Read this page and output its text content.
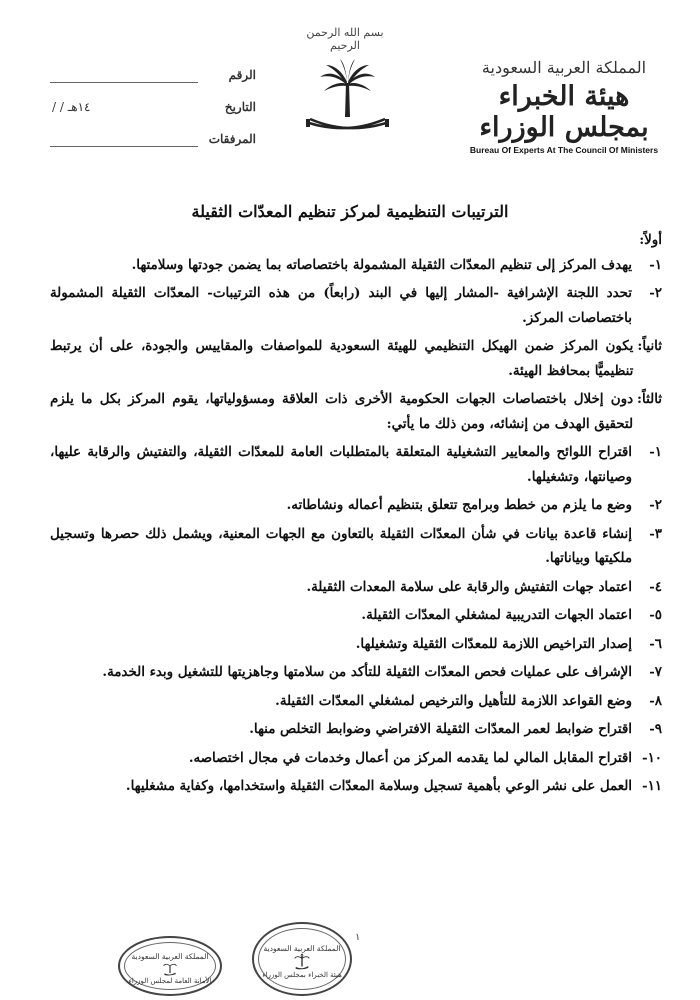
بسم الله الرحمن الرحيم
المملكة العربية السعودية
هيئة الخبراء بمجلس الوزراء
Bureau Of Experts At The Council Of Ministers
الرقم
التاريخ
/ / ١٤هـ
المرفقات
الترتيبات التنظيمية لمركز تنظيم المعدّات الثقيلة
أولاً:
١-
يهدف المركز إلى تنظيم المعدّات الثقيلة المشمولة باختصاصاته بما يضمن جودتها وسلامتها.
٢-
تحدد اللجنة الإشرافية -المشار إليها في البند (رابعاً) من هذه الترتيبات- المعدّات الثقيلة المشمولة باختصاصات المركز.
ثانياً:
يكون المركز ضمن الهيكل التنظيمي للهيئة السعودية للمواصفات والمقاييس والجودة، على أن يرتبط تنظيميًّا بمحافظ الهيئة.
ثالثاً:
دون إخلال باختصاصات الجهات الحكومية الأخرى ذات العلاقة ومسؤولياتها، يقوم المركز بكل ما يلزم لتحقيق الهدف من إنشائه، ومن ذلك ما يأتي:
١-
اقتراح اللوائح والمعايير التشغيلية المتعلقة بالمتطلبات العامة للمعدّات الثقيلة، والتفتيش والرقابة عليها، وصيانتها، وتشغيلها.
٢-
وضع ما يلزم من خطط وبرامج تتعلق بتنظيم أعماله ونشاطاته.
٣-
إنشاء قاعدة بيانات في شأن المعدّات الثقيلة بالتعاون مع الجهات المعنية، ويشمل ذلك حصرها وتسجيل ملكيتها وبياناتها.
٤-
اعتماد جهات التفتيش والرقابة على سلامة المعدات الثقيلة.
٥-
اعتماد الجهات التدريبية لمشغلي المعدّات الثقيلة.
٦-
إصدار التراخيص اللازمة للمعدّات الثقيلة وتشغيلها.
٧-
الإشراف على عمليات فحص المعدّات الثقيلة للتأكد من سلامتها وجاهزيتها للتشغيل وبدء الخدمة.
٨-
وضع القواعد اللازمة للتأهيل والترخيص لمشغلي المعدّات الثقيلة.
٩-
اقتراح ضوابط لعمر المعدّات الثقيلة الافتراضي وضوابط التخلص منها.
١٠-
اقتراح المقابل المالي لما يقدمه المركز من أعمال وخدمات في مجال اختصاصه.
١١-
العمل على نشر الوعي بأهمية تسجيل وسلامة المعدّات الثقيلة واستخدامها، وكفاية مشغليها.
١
المملكة العربية السعودية
هيئة الخبراء بمجلس الوزراء
المملكة العربية السعودية
الأمانة العامة لمجلس الوزراء
